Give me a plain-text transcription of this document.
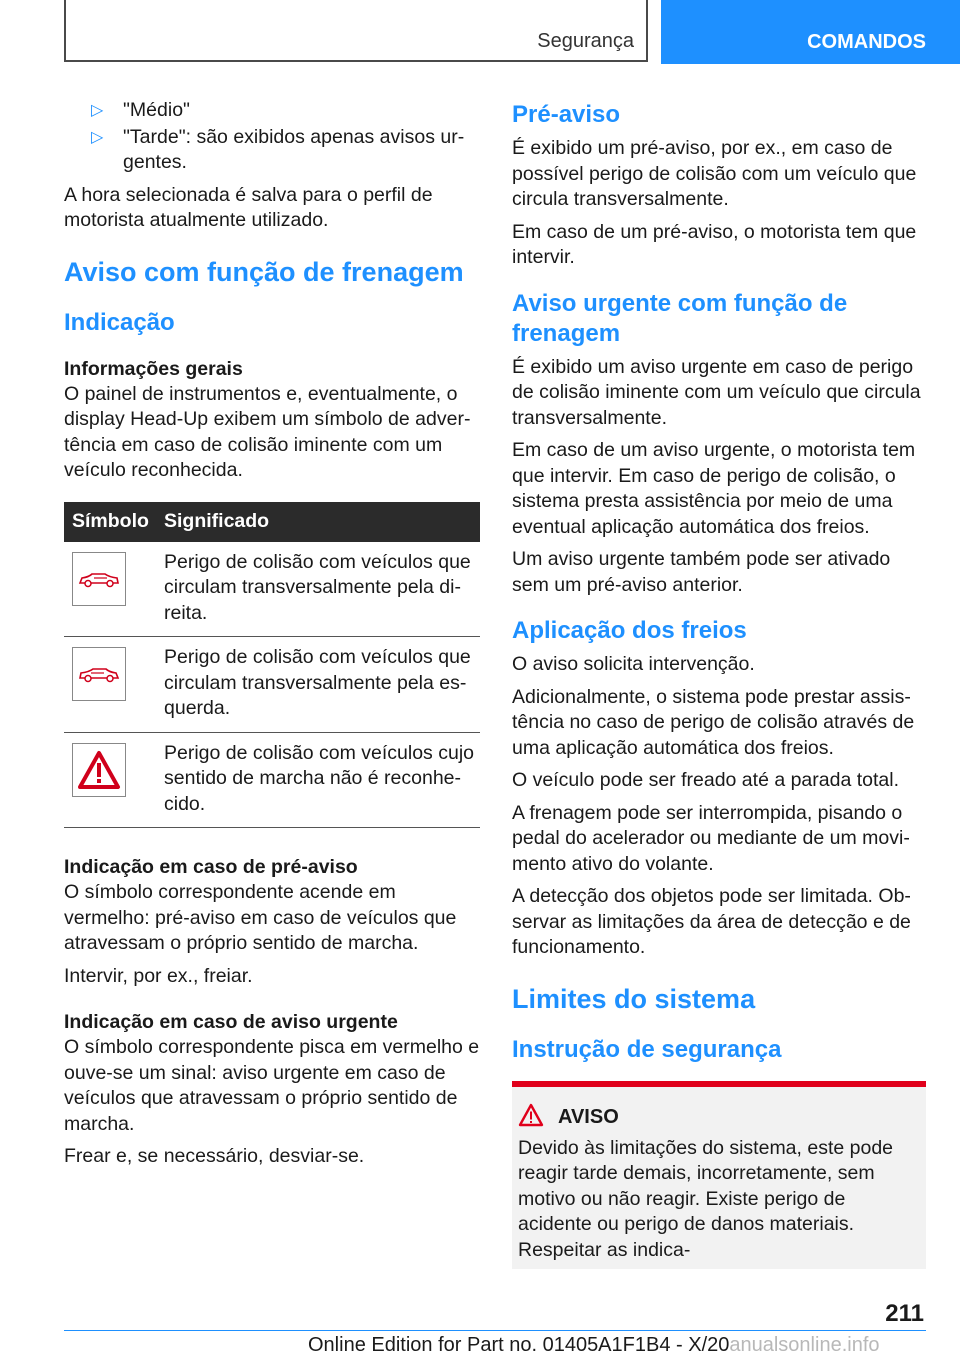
Segurança	COMANDOS
▷ "Médio"
▷ "Tarde": são exibidos apenas avisos urgentes.

A hora selecionada é salva para o perfil de motorista atualmente utilizado.

Aviso com função de frenagem
Indicação
Informações gerais

O painel de instrumentos e, eventualmente, o display Head-Up exibem um símbolo de advertência em caso de colisão iminente com um veículo reconhecida.

Símbolo	Significado

	Perigo de colisão com veículos que circulam transversalmente pela direita.

	Perigo de colisão com veículos que circulam transversalmente pela esquerda.

	Perigo de colisão com veículos cujo sentido de marcha não é reconhecido.
Indicação em caso de pré-aviso

O símbolo correspondente acende em vermelho: pré-aviso em caso de veículos que atravessam o próprio sentido de marcha.

Intervir, por ex., freiar.

Indicação em caso de aviso urgente

O símbolo correspondente pisca em vermelho e ouve-se um sinal: aviso urgente em caso de veículos que atravessam o próprio sentido de marcha.

Frear e, se necessário, desviar-se.

Pré-aviso

É exibido um pré-aviso, por ex., em caso de possível perigo de colisão com um veículo que circula transversalmente.

Em caso de um pré-aviso, o motorista tem que intervir.

Aviso urgente com função de frenagem

É exibido um aviso urgente em caso de perigo de colisão iminente com um veículo que circula transversalmente.

Em caso de um aviso urgente, o motorista tem que intervir. Em caso de perigo de colisão, o sistema presta assistência por meio de uma eventual aplicação automática dos freios.

Um aviso urgente também pode ser ativado sem um pré-aviso anterior.

Aplicação dos freios

O aviso solicita intervenção.

Adicionalmente, o sistema pode prestar assistência no caso de perigo de colisão através de uma aplicação automática dos freios.

O veículo pode ser freado até a parada total.

A frenagem pode ser interrompida, pisando o pedal do acelerador ou mediante de um movimento ativo do volante.

A detecção dos objetos pode ser limitada. Observar as limitações da área de detecção e de funcionamento.

Limites do sistema
Instrução de segurança
AVISO

Devido às limitações do sistema, este pode reagir tarde demais, incorretamente, sem motivo ou não reagir. Existe perigo de acidente ou perigo de danos materiais. Respeitar as indica-

211
Online Edition for Part no. 01405A1F1B4 - X/20anualsonline.info
